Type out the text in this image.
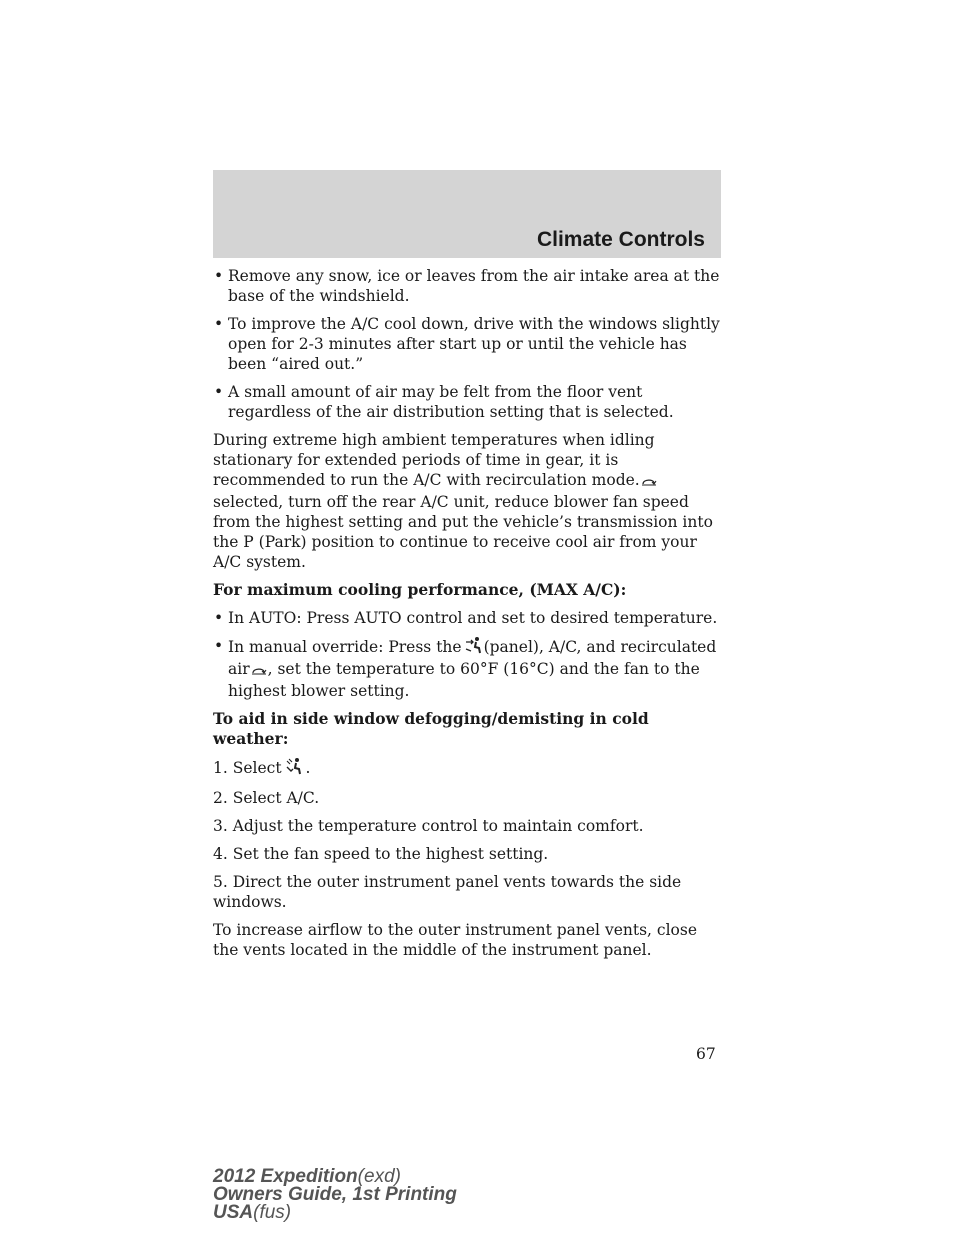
Climate Controls
• Remove any snow, ice or leaves from the air intake area at the base of the windshield.
• To improve the A/C cool down, drive with the windows slightly open for 2-3 minutes after start up or until the vehicle has been “aired out.”
• A small amount of air may be felt from the floor vent regardless of the air distribution setting that is selected.

During extreme high ambient temperatures when idling stationary for extended periods of time in gear, it is recommended to run the A/C with recirculation mode.selected, turn off the rear A/C unit, reduce blower fan speed from the highest setting and put the vehicle’s transmission into the P (Park) position to continue to receive cool air from your A/C system.

For maximum cooling performance, (MAX A/C):

• In AUTO: Press AUTO control and set to desired temperature.
• In manual override: Press the (panel), A/C, and recirculated air , set the temperature to 60°F (16°C) and the fan to the highest blower setting.

To aid in side window defogging/demisting in cold weather:

1. Select .

2. Select A/C.

3. Adjust the temperature control to maintain comfort.

4. Set the fan speed to the highest setting.

5. Direct the outer instrument panel vents towards the side windows.

To increase airflow to the outer instrument panel vents, close the vents located in the middle of the instrument panel.

67
2012 Expedition(exd)
Owners Guide, 1st Printing
USA(fus)
